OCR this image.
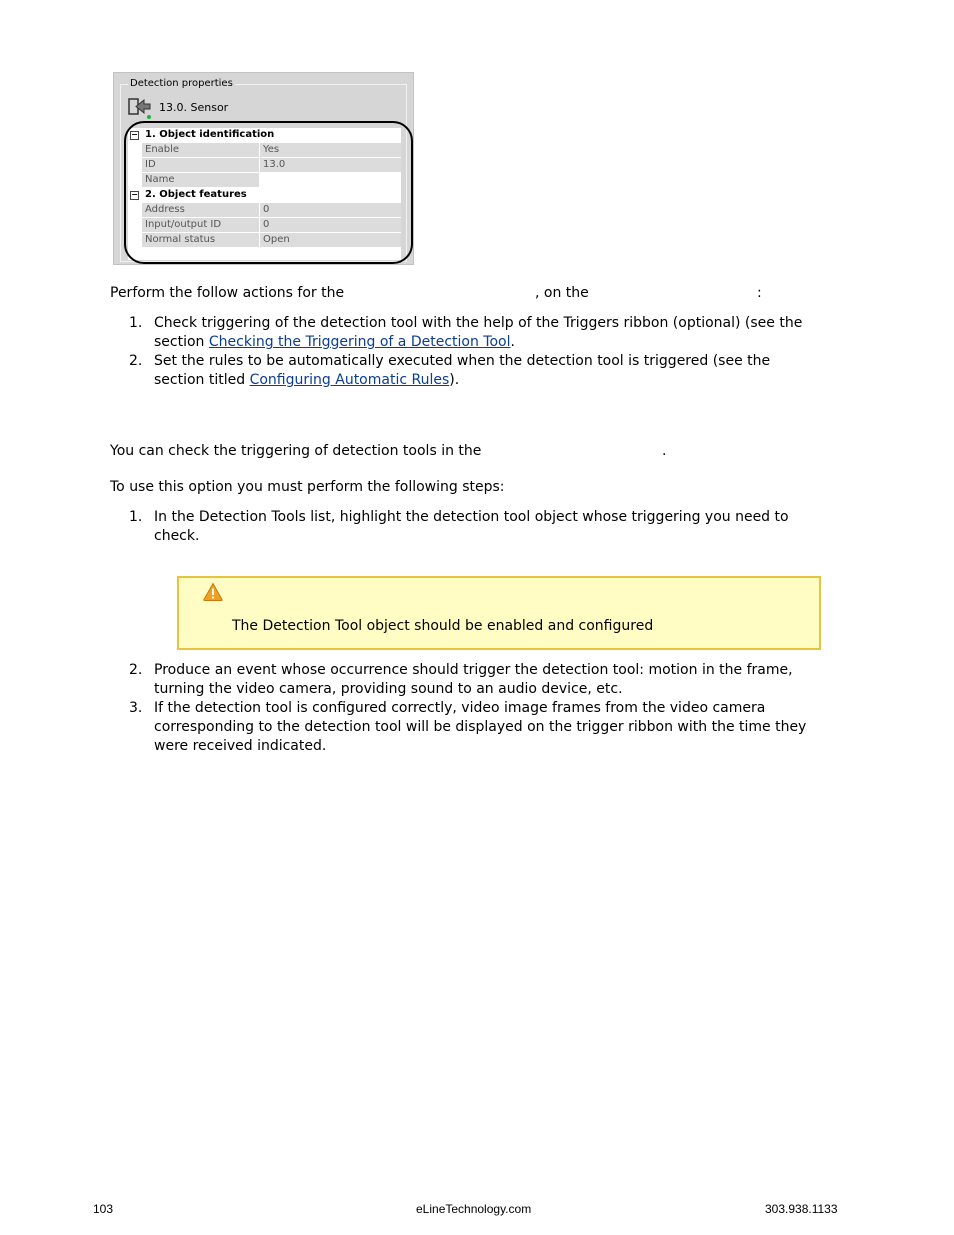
Detection properties
13.0. Sensor
− 1. Object identification
Enable	Yes
ID	13.0
Name
− 2. Object features
Address	0
Input/output ID	0
Normal status	Open
Perform the follow actions for the	, on the	:
1. Check triggering of the detection tool with the help of the Triggers ribbon (optional) (see the
section Checking the Triggering of a Detection Tool.
2. Set the rules to be automatically executed when the detection tool is triggered (see the
section titled Configuring Automatic Rules).
You can check the triggering of detection tools in the	.
To use this option you must perform the following steps:
1. In the Detection Tools list, highlight the detection tool object whose triggering you need to
check.
The Detection Tool object should be enabled and configured
2. Produce an event whose occurrence should trigger the detection tool: motion in the frame,
turning the video camera, providing sound to an audio device, etc.
3. If the detection tool is configured correctly, video image frames from the video camera
corresponding to the detection tool will be displayed on the trigger ribbon with the time they
were received indicated.
103	eLineTechnology.com	303.938.1133
